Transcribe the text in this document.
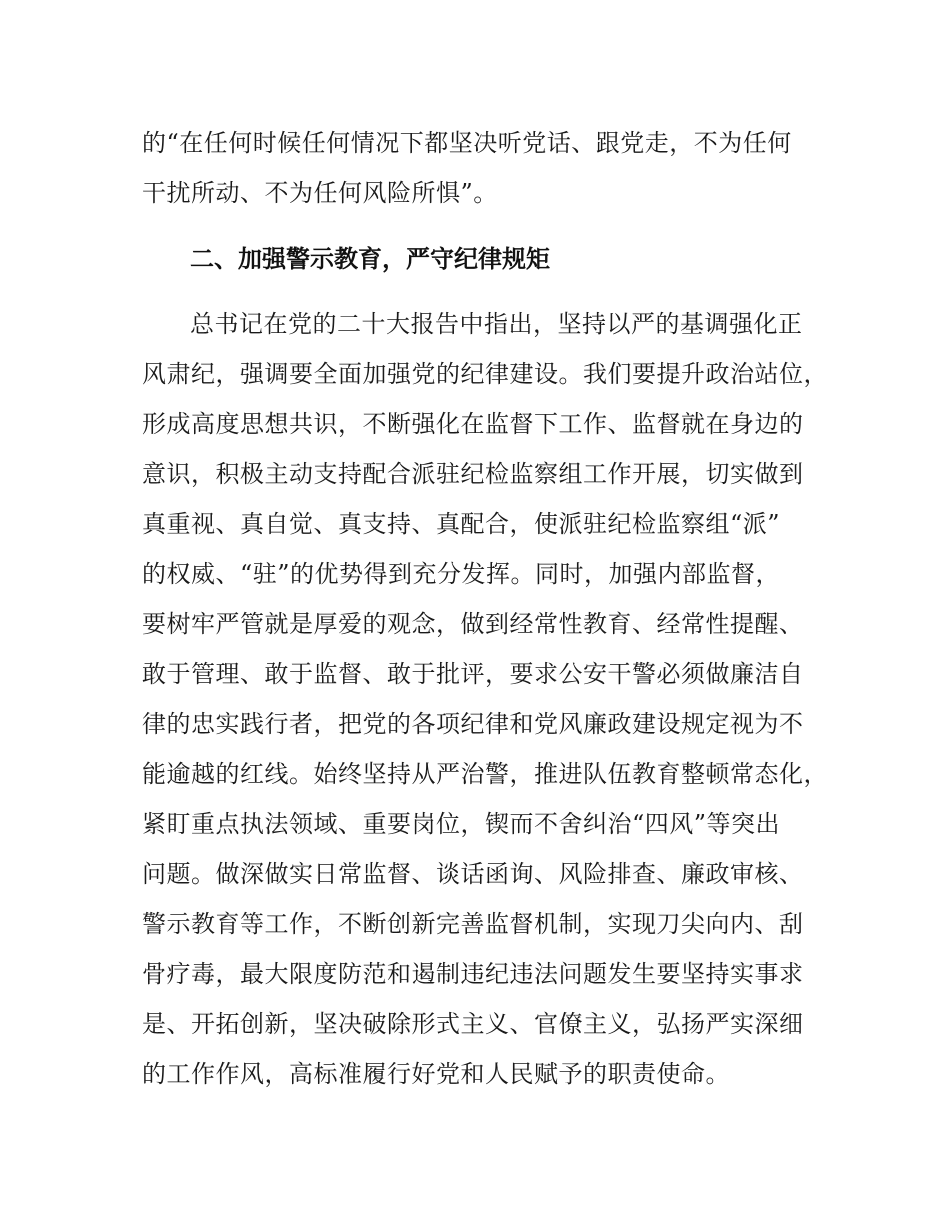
的“在任何时候任何情况下都坚决听党话、跟党走，不为任何
干扰所动、不为任何风险所惧”。
二、加强警示教育，严守纪律规矩
总书记在党的二十大报告中指出，坚持以严的基调强化正
风肃纪，强调要全面加强党的纪律建设。我们要提升政治站位，
形成高度思想共识，不断强化在监督下工作、监督就在身边的
意识，积极主动支持配合派驻纪检监察组工作开展，切实做到
真重视、真自觉、真支持、真配合，使派驻纪检监察组“派”
的权威、“驻”的优势得到充分发挥。同时，加强内部监督，
要树牢严管就是厚爱的观念，做到经常性教育、经常性提醒、
敢于管理、敢于监督、敢于批评，要求公安干警必须做廉洁自
律的忠实践行者，把党的各项纪律和党风廉政建设规定视为不
能逾越的红线。始终坚持从严治警，推进队伍教育整顿常态化，
紧盯重点执法领域、重要岗位，锲而不舍纠治“四风”等突出
问题。做深做实日常监督、谈话函询、风险排查、廉政审核、
警示教育等工作，不断创新完善监督机制，实现刀尖向内、刮
骨疗毒，最大限度防范和遏制违纪违法问题发生要坚持实事求
是、开拓创新，坚决破除形式主义、官僚主义，弘扬严实深细
的工作作风，高标准履行好党和人民赋予的职责使命。
